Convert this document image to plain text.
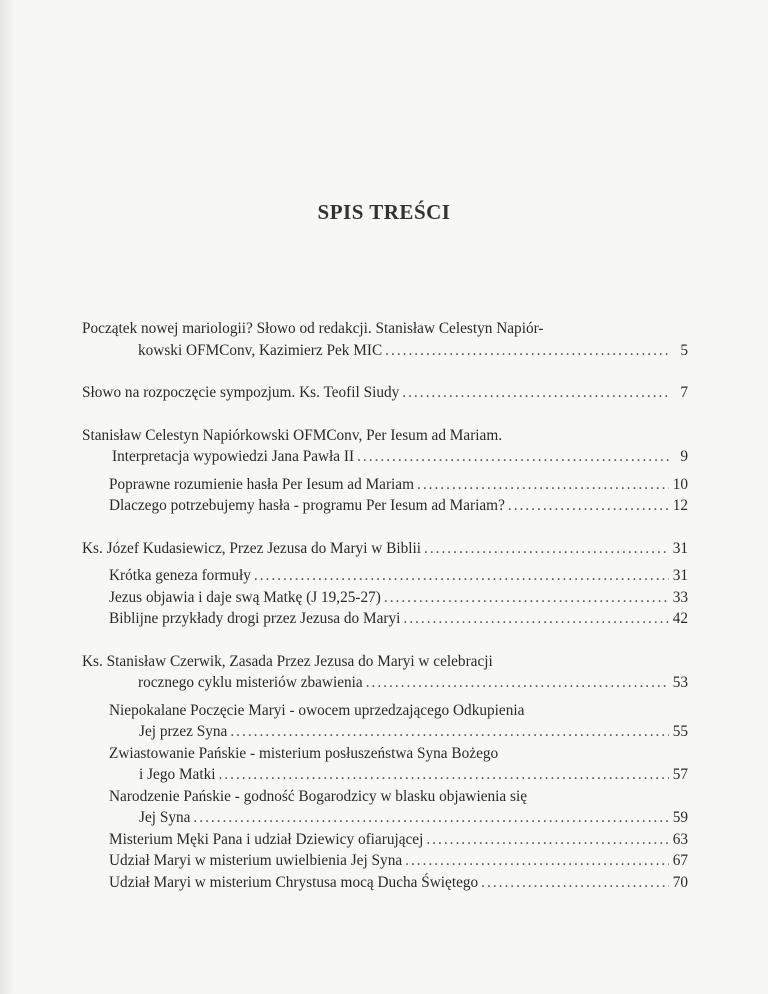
SPIS TREŚCI
Początek nowej mariologii? Słowo od redakcji. Stanisław Celestyn Napiór-
kowski OFMConv, Kazimierz Pek MIC .....	5
Słowo na rozpoczęcie sympozjum. Ks. Teofil Siudy .....	7
Stanisław Celestyn Napiórkowski OFMConv, Per Iesum ad Mariam.
Interpretacja wypowiedzi Jana Pawła II .....	9
Poprawne rozumienie hasła Per Iesum ad Mariam .....	10
Dlaczego potrzebujemy hasła - programu Per Iesum ad Mariam? .....	12
Ks. Józef Kudasiewicz, Przez Jezusa do Maryi w Biblii .....	31
Krótka geneza formuły .....	31
Jezus objawia i daje swą Matkę (J 19,25-27) .....	33
Biblijne przykłady drogi przez Jezusa do Maryi .....	42
Ks. Stanisław Czerwik, Zasada Przez Jezusa do Maryi w celebracji
rocznego cyklu misteriów zbawienia .....	53
Niepokalane Poczęcie Maryi - owocem uprzedzającego Odkupienia
Jej przez Syna .....	55
Zwiastowanie Pańskie - misterium posłuszeństwa Syna Bożego
i Jego Matki .....	57
Narodzenie Pańskie - godność Bogarodzicy w blasku objawienia się
Jej Syna .....	59
Misterium Męki Pana i udział Dziewicy ofiarującej .....	63
Udział Maryi w misterium uwielbienia Jej Syna .....	67
Udział Maryi w misterium Chrystusa mocą Ducha Świętego .....	70
